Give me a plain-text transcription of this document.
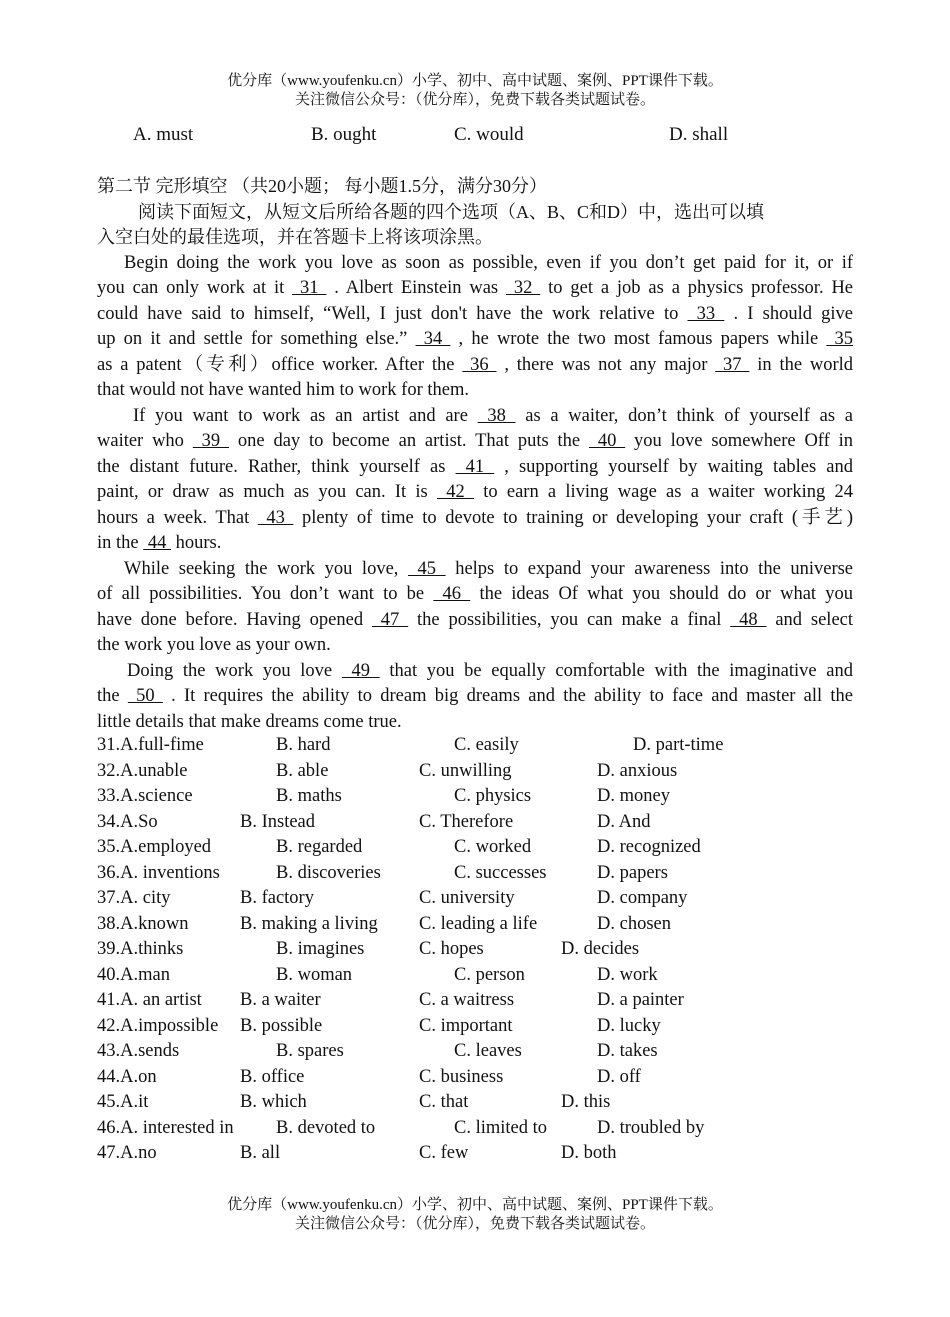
优分库（www.youfenku.cn）小学、初中、高中试题、案例、PPT课件下载。
关注微信公众号：（优分库），免费下载各类试题试卷。
A. must	B. ought	C. would	D. shall
第二节 完形填空 （共20小题； 每小题1.5分，满分30分）
阅读下面短文，从短文后所给各题的四个选项（A、B、C和D）中，选出可以填
入空白处的最佳选项，并在答题卡上将该项涂黑。
Begin doing the work you love as soon as possible, even if you don’t get paid for it, or if
you can only work at it  31  . Albert Einstein was  32  to get a job as a physics professor. He
could have said to himself, “Well, I just don't have the work relative to  33  . I should give
up on it and settle for something else.”  34  , he wrote the two most famous papers while  35
as a patent（专利）office worker. After the  36  , there was not any major  37  in the world
that would not have wanted him to work for them.
If you want to work as an artist and are  38  as a waiter, don’t think of yourself as a
waiter who  39  one day to become an artist. That puts the  40  you love somewhere Off in
the distant future. Rather, think yourself as  41  , supporting yourself by waiting tables and
paint, or draw as much as you can. It is  42  to earn a living wage as a waiter working 24
hours a week. That  43  plenty of time to devote to training or developing your craft (手艺)
in the  44  hours.
While seeking the work you love,  45  helps to expand your awareness into the universe
of all possibilities. You don’t want to be  46  the ideas Of what you should do or what you
have done before. Having opened  47  the possibilities, you can make a final  48  and select
the work you love as your own.
Doing the work you love  49  that you be equally comfortable with the imaginative and
the  50  . It requires the ability to dream big dreams and the ability to face and master all the
little details that make dreams come true.
31.A.full-fime	B. hard	C. easily	D. part-time
32.A.unable	B. able	C. unwilling	D. anxious
33.A.science	B. maths	C. physics	D. money
34.A.So	B. Instead	C. Therefore	D. And
35.A.employed	B. regarded	C. worked	D. recognized
36.A. inventions	B. discoveries	C. successes	D. papers
37.A. city	B. factory	C. university	D. company
38.A.known	B. making a living C. leading a life	D. chosen
39.A.thinks	B. imagines	C. hopes	D. decides
40.A.man	B. woman	C. person	D. work
41.A. an artist B. a waiter	C. a waitress	D. a painter
42.A.impossible B. possible	C. important	D. lucky
43.A.sends	B. spares	C. leaves	D. takes
44.A.on	B. office	C. business	D. off
45.A.it	B. which	C. that	D. this
46.A. interested in B. devoted to	C. limited to	D. troubled by
47.A.no	B. all	C. few	D. both
优分库（www.youfenku.cn）小学、初中、高中试题、案例、PPT课件下载。
关注微信公众号：（优分库），免费下载各类试题试卷。
